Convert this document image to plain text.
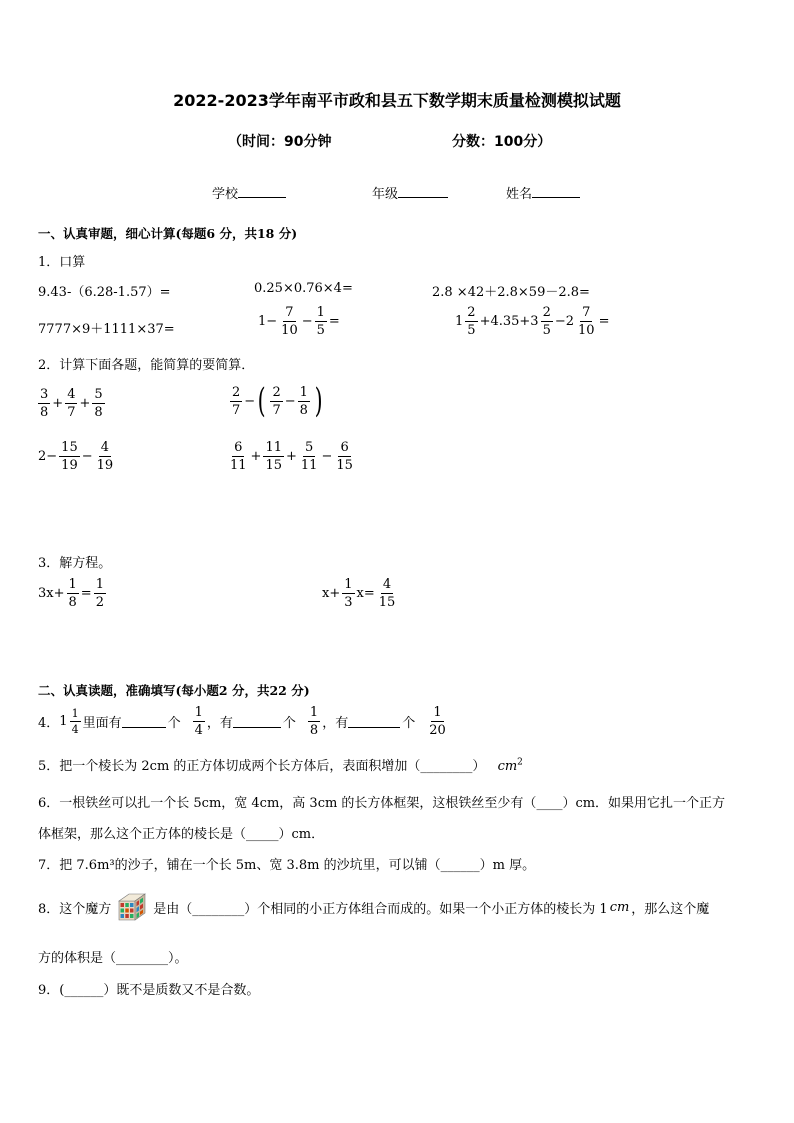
2022-2023学年南平市政和县五下数学期末质量检测模拟试题
（时间：90分钟	分数：100分）
学校	年级	姓名
一、认真审题，细心计算(每题6 分，共18 分)
1．口算
9.43-（6.28-1.57）=	0.25×0.76×4=	2.8 ×42＋2.8×59－2.8=
7777×9＋1111×37=
$1- \frac{7}{10} - \frac{1}{5}$ =	$1 \frac{2}{5} +4.35+3 \frac{2}{5} -2 \frac{7}{10}$ =
2．计算下面各题，能简算的要简算．
$\frac{3}{8} + \frac{4}{7} + \frac{5}{8}$	$\frac{2}{7}$ − ( $\frac{2}{7} - \frac{1}{8}$ )
$2- \frac{15}{19} - \frac{4}{19}$	$\frac{6}{11} + \frac{11}{15} + \frac{5}{11} - \frac{6}{15}$
3．解方程。
$3x+ \frac{1}{8} = \frac{1}{2}$	$x+ \frac{1}{3} x= \frac{4}{15}$
二、认真读题，准确填写(每小题2 分，共22 分)
4． $1 \frac{1}{4}$ 里面有	个 $\frac{1}{4}$ ，有	个 $\frac{1}{8}$ ，有	个 $\frac{1}{20}$
5．把一个棱长为 2cm 的正方体切成两个长方体后，表面积增加（________） $cm^2$
6．一根铁丝可以扎一个长 5cm，宽 4cm，高 3cm 的长方体框架，这根铁丝至少有（____）cm．如果用它扎一个正方
体框架，那么这个正方体的棱长是（_____）cm．
7．把 7.6m³的沙子，铺在一个长 5m、宽 3.8m 的沙坑里，可以铺（______）m 厚。
8．这个魔方	是由（________）个相同的小正方体组合而成的。如果一个小正方体的棱长为 1 cm ，那么这个魔
方的体积是（________）。
9．(______）既不是质数又不是合数。
